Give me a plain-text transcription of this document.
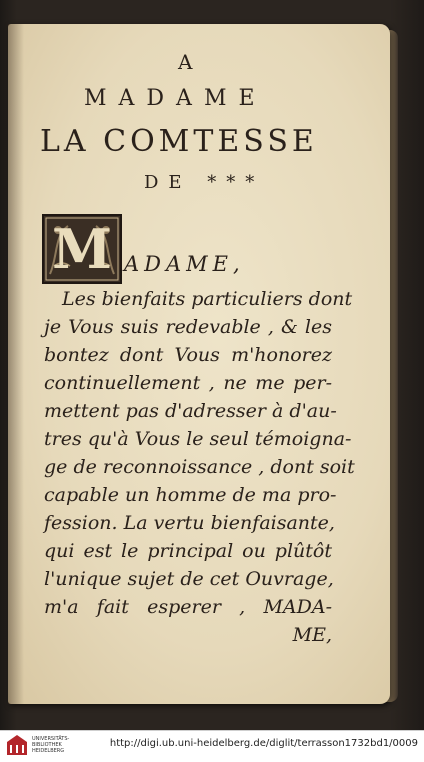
A
MADAME
LA COMTESSE
DE ***
M ADAME,
Les bienfaits particuliers dont
je Vous suis redevable , & les
bontez dont Vous m'honorez
continuellement , ne me per-
mettent pas d'adresser à d'au-
tres qu'à Vous le seul témoigna-
ge de reconnoissance , dont soit
capable un homme de ma pro-
fession. La vertu bienfaisante,
qui est le principal ou plûtôt
l'unique sujet de cet Ouvrage,
m'a fait esperer , MADA-
ME,
UNIVERSITÄTS-
BIBLIOTHEK
HEIDELBERG
http://digi.ub.uni-heidelberg.de/diglit/terrasson1732bd1/0009
